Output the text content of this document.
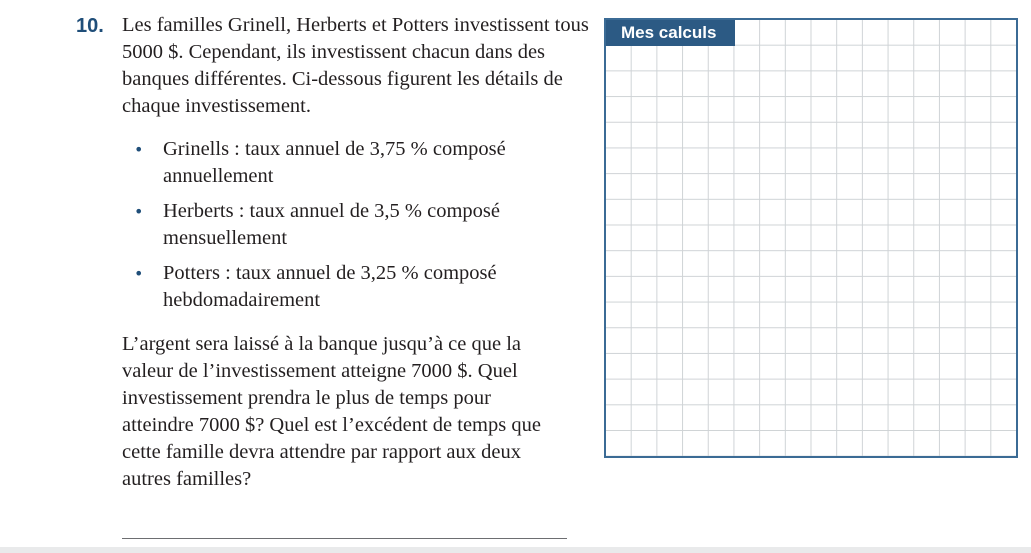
10. Les familles Grinell, Herberts et Potters investissent tous 5000 $. Cependant, ils investissent chacun dans des banques différentes. Ci-dessous figurent les détails de chaque investissement.

• Grinells : taux annuel de 3,75 % composé annuellement
• Herberts : taux annuel de 3,5 % composé mensuellement
• Potters : taux annuel de 3,25 % composé hebdomadairement

L’argent sera laissé à la banque jusqu’à ce que la valeur de l’investissement atteigne 7000 $. Quel investissement prendra le plus de temps pour atteindre 7000 $? Quel est l’excédent de temps que cette famille devra attendre par rapport aux deux autres familles?

Mes calculs
